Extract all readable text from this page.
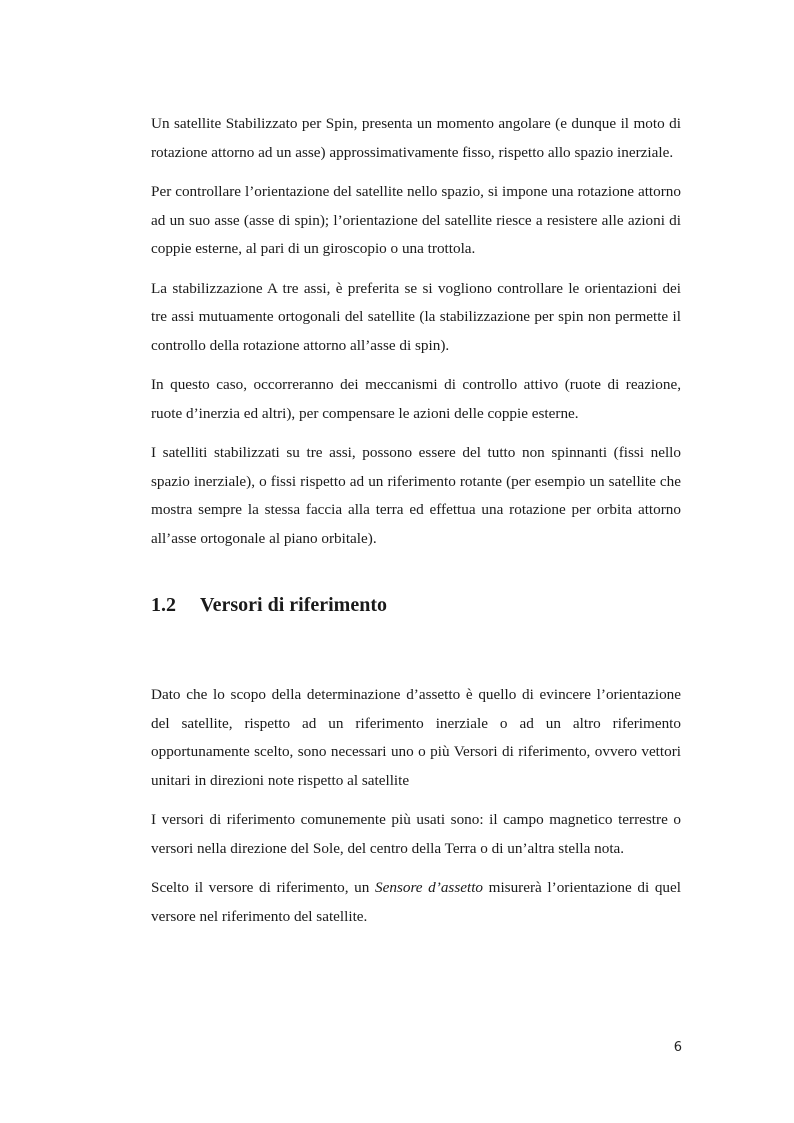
Un satellite Stabilizzato per Spin, presenta un momento angolare (e dunque il moto di rotazione attorno ad un asse) approssimativamente fisso, rispetto allo spazio inerziale.

Per controllare l’orientazione del satellite nello spazio, si impone una rotazione attorno ad un suo asse (asse di spin); l’orientazione del satellite riesce a resistere alle azioni di coppie esterne, al pari di un giroscopio o una trottola.

La stabilizzazione A tre assi, è preferita se si vogliono controllare le orientazioni dei tre assi mutuamente ortogonali del satellite (la stabilizzazione per spin non permette il controllo della rotazione attorno all’asse di spin).

In questo caso, occorreranno dei meccanismi di controllo attivo (ruote di reazione, ruote d’inerzia ed altri), per compensare le azioni delle coppie esterne.

I satelliti stabilizzati su tre assi, possono essere del tutto non spinnanti (fissi nello spazio inerziale), o fissi rispetto ad un riferimento rotante (per esempio un satellite che mostra sempre la stessa faccia alla terra ed effettua una rotazione per orbita attorno all’asse ortogonale al piano orbitale).

1.2	Versori di riferimento

Dato che lo scopo della determinazione d’assetto è quello di evincere l’orientazione del satellite, rispetto ad un riferimento inerziale o ad un altro riferimento opportunamente scelto, sono necessari uno o più Versori di riferimento, ovvero vettori unitari in direzioni note rispetto al satellite

I versori di riferimento comunemente più usati sono: il campo magnetico terrestre o versori nella direzione del Sole, del centro della Terra o di un’altra stella nota.

Scelto il versore di riferimento, un Sensore d’assetto misurerà l’orientazione di quel versore nel riferimento del satellite.

6
